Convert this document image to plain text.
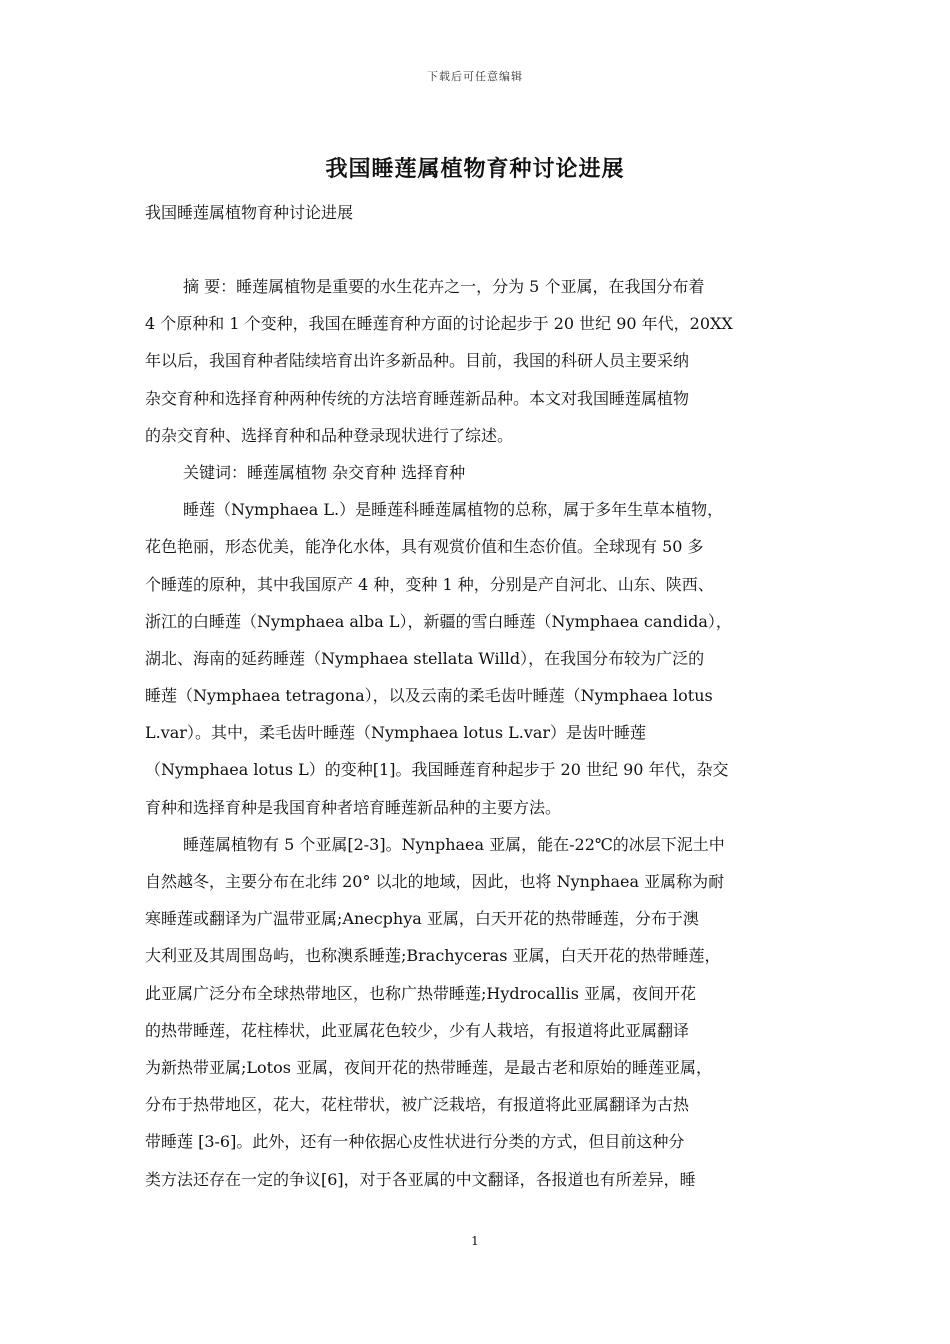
下载后可任意编辑
我国睡莲属植物育种讨论进展
我国睡莲属植物育种讨论进展
摘 要：睡莲属植物是重要的水生花卉之一，分为 5 个亚属，在我国分布着
4 个原种和 1 个变种，我国在睡莲育种方面的讨论起步于 20 世纪 90 年代，20XX
年以后，我国育种者陆续培育出许多新品种。目前，我国的科研人员主要采纳
杂交育种和选择育种两种传统的方法培育睡莲新品种。本文对我国睡莲属植物
的杂交育种、选择育种和品种登录现状进行了综述。
关键词：睡莲属植物 杂交育种 选择育种
睡莲（Nymphaea L.）是睡莲科睡莲属植物的总称，属于多年生草本植物，
花色艳丽，形态优美，能净化水体，具有观赏价值和生态价值。全球现有 50 多
个睡莲的原种，其中我国原产 4 种，变种 1 种，分别是产自河北、山东、陕西、
浙江的白睡莲（Nymphaea alba L），新疆的雪白睡莲（Nymphaea candida），
湖北、海南的延药睡莲（Nymphaea stellata Willd），在我国分布较为广泛的
睡莲（Nymphaea tetragona），以及云南的柔毛齿叶睡莲（Nymphaea lotus
L.var）。其中，柔毛齿叶睡莲（Nymphaea lotus L.var）是齿叶睡莲
（Nymphaea lotus L）的变种[1]。我国睡莲育种起步于 20 世纪 90 年代，杂交
育种和选择育种是我国育种者培育睡莲新品种的主要方法。
睡莲属植物有 5 个亚属[2-3]。Nynphaea 亚属，能在-22℃的冰层下泥土中
自然越冬，主要分布在北纬 20° 以北的地域，因此，也将 Nynphaea 亚属称为耐
寒睡莲或翻译为广温带亚属;Anecphya 亚属，白天开花的热带睡莲，分布于澳
大利亚及其周围岛屿，也称澳系睡莲;Brachyceras 亚属，白天开花的热带睡莲，
此亚属广泛分布全球热带地区，也称广热带睡莲;Hydrocallis 亚属，夜间开花
的热带睡莲，花柱棒状，此亚属花色较少，少有人栽培，有报道将此亚属翻译
为新热带亚属;Lotos 亚属，夜间开花的热带睡莲，是最古老和原始的睡莲亚属，
分布于热带地区，花大，花柱带状，被广泛栽培，有报道将此亚属翻译为古热
带睡莲 [3-6]。此外，还有一种依据心皮性状进行分类的方式，但目前这种分
类方法还存在一定的争议[6]，对于各亚属的中文翻译，各报道也有所差异，睡
1
